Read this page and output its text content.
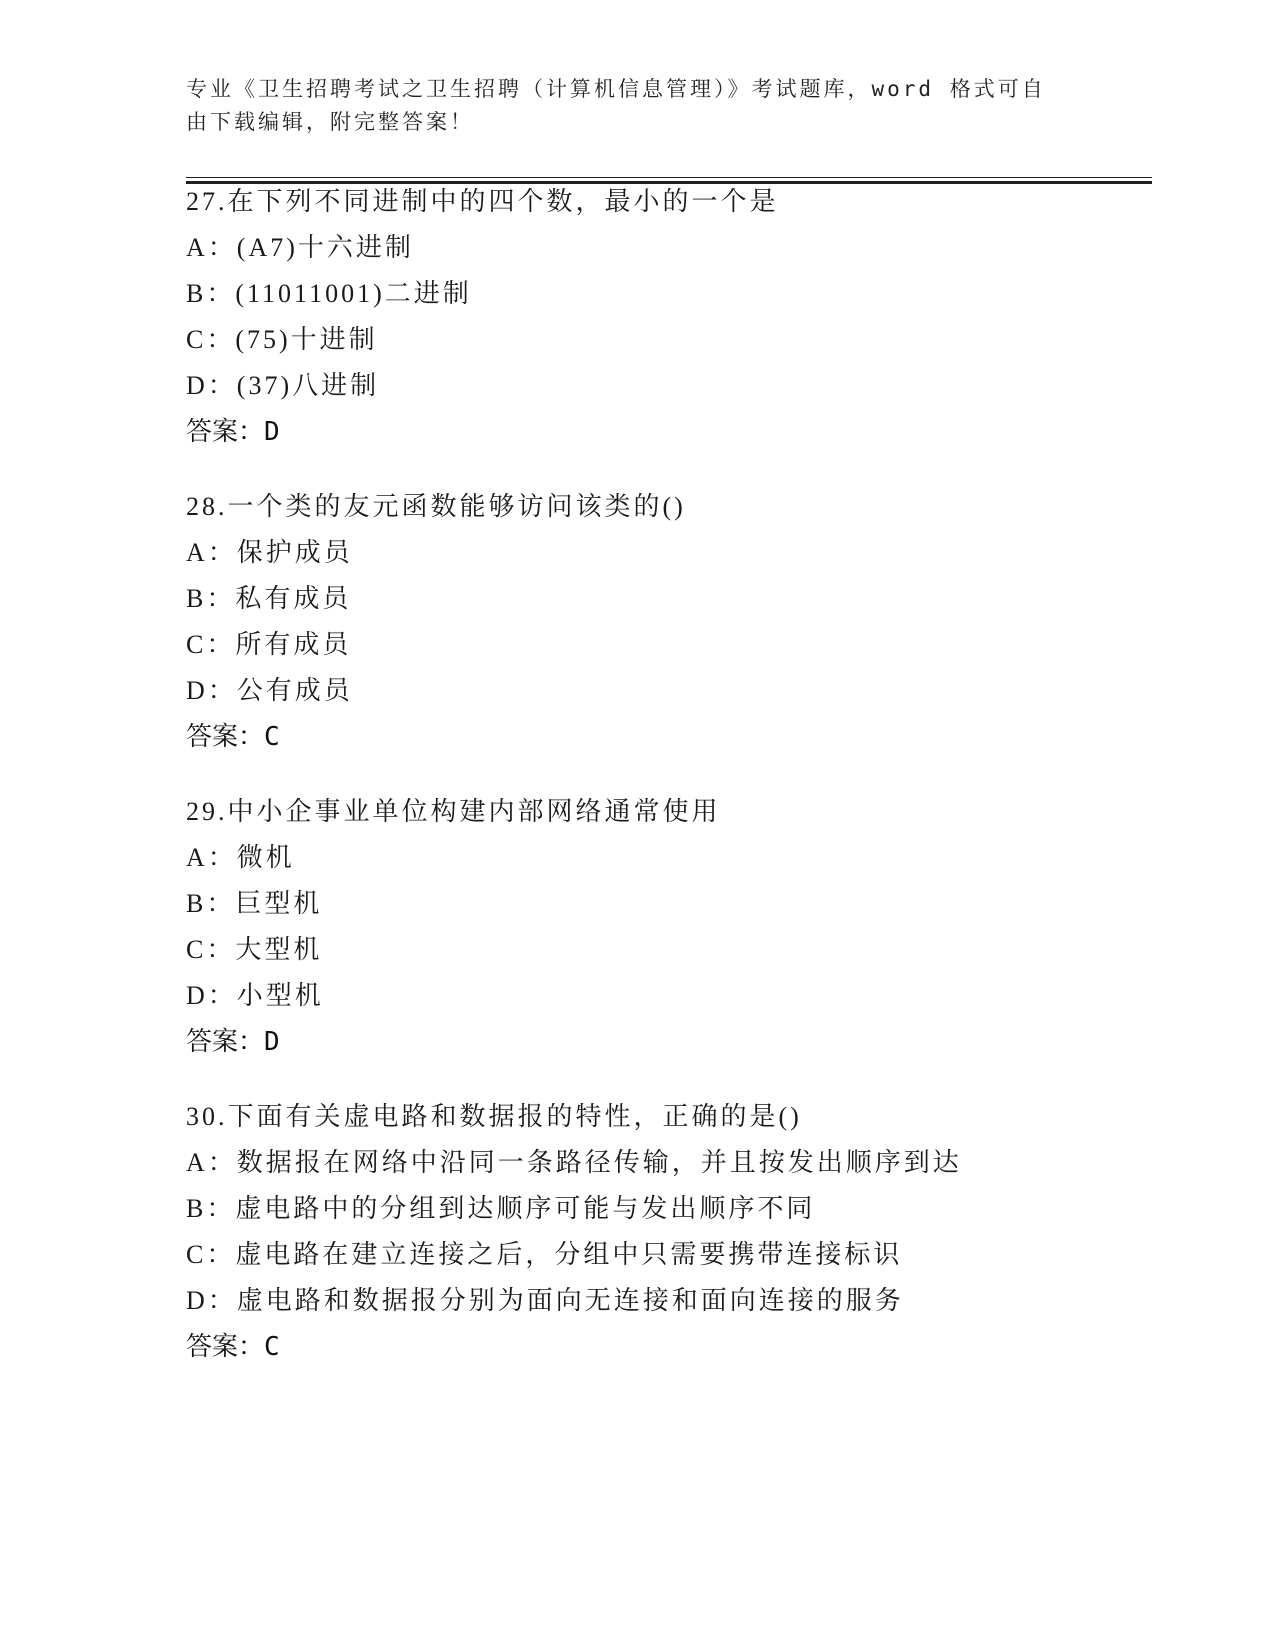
专业《卫生招聘考试之卫生招聘（计算机信息管理）》考试题库，word 格式可自
由下载编辑，附完整答案！
27.在下列不同进制中的四个数，最小的一个是
A：(A7)十六进制
B：(11011001)二进制
C：(75)十进制
D：(37)八进制
答案：D
28.一个类的友元函数能够访问该类的()
A：保护成员
B：私有成员
C：所有成员
D：公有成员
答案：C
29.中小企事业单位构建内部网络通常使用
A：微机
B：巨型机
C：大型机
D：小型机
答案：D
30.下面有关虚电路和数据报的特性，正确的是()
A：数据报在网络中沿同一条路径传输，并且按发出顺序到达
B：虚电路中的分组到达顺序可能与发出顺序不同
C：虚电路在建立连接之后，分组中只需要携带连接标识
D：虚电路和数据报分别为面向无连接和面向连接的服务
答案：C
